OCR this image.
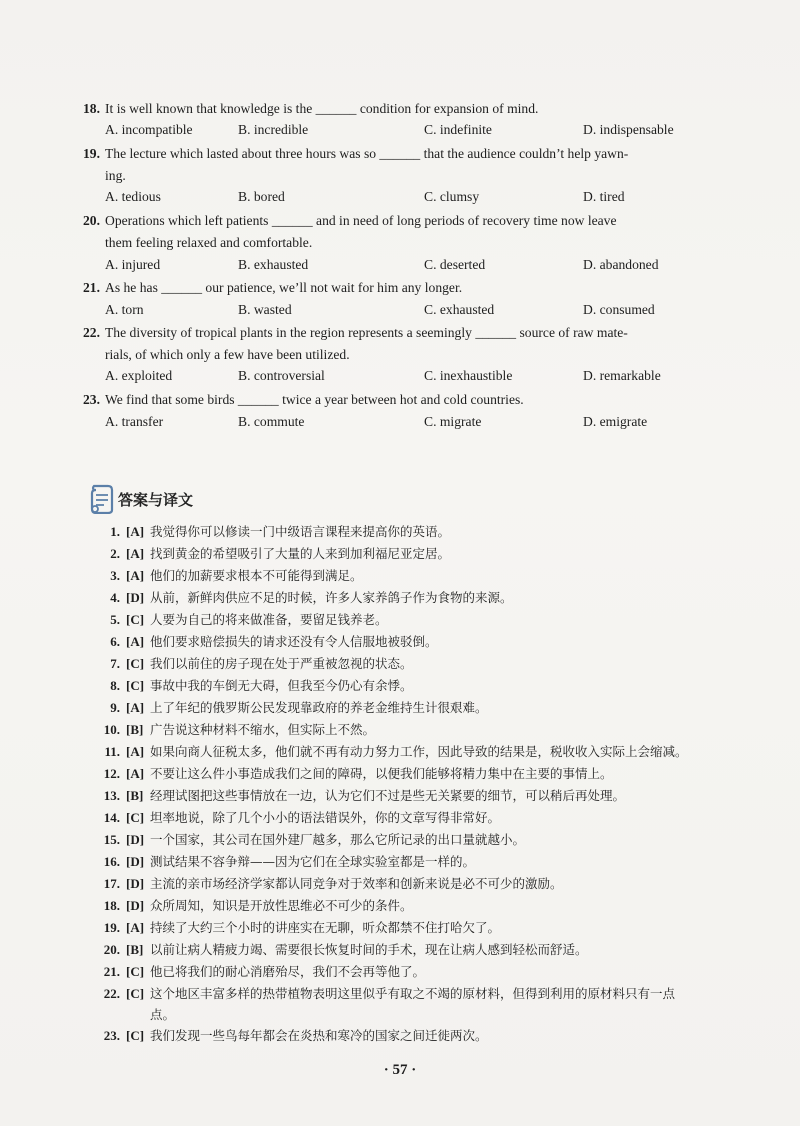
18. It is well known that knowledge is the ______ condition for expansion of mind.
A. incompatible	B. incredible	C. indefinite	D. indispensable
19. The lecture which lasted about three hours was so ______ that the audience couldn’t help yawn-
ing.
A. tedious	B. bored	C. clumsy	D. tired
20. Operations which left patients ______ and in need of long periods of recovery time now leave
them feeling relaxed and comfortable.
A. injured	B. exhausted	C. deserted	D. abandoned
21. As he has ______ our patience, we’ll not wait for him any longer.
A. torn	B. wasted	C. exhausted	D. consumed
22. The diversity of tropical plants in the region represents a seemingly ______ source of raw mate-
rials, of which only a few have been utilized.
A. exploited	B. controversial	C. inexhaustible	D. remarkable
23. We find that some birds ______ twice a year between hot and cold countries.
A. transfer	B. commute	C. migrate	D. emigrate
答案与译文
1. [A] 我觉得你可以修读一门中级语言课程来提高你的英语。
2. [A] 找到黄金的希望吸引了大量的人来到加利福尼亚定居。
3. [A] 他们的加薪要求根本不可能得到满足。
4. [D] 从前，新鲜肉供应不足的时候，许多人家养鸽子作为食物的来源。
5. [C] 人要为自己的将来做准备，要留足钱养老。
6. [A] 他们要求赔偿损失的请求还没有令人信服地被驳倒。
7. [C] 我们以前住的房子现在处于严重被忽视的状态。
8. [C] 事故中我的车倒无大碍，但我至今仍心有余悸。
9. [A] 上了年纪的俄罗斯公民发现靠政府的养老金维持生计很艰难。
10. [B] 广告说这种材料不缩水，但实际上不然。
11. [A] 如果向商人征税太多，他们就不再有动力努力工作，因此导致的结果是，税收收入实际上会缩减。
12. [A] 不要让这么件小事造成我们之间的障碍，以便我们能够将精力集中在主要的事情上。
13. [B] 经理试图把这些事情放在一边，认为它们不过是些无关紧要的细节，可以稍后再处理。
14. [C] 坦率地说，除了几个小小的语法错误外，你的文章写得非常好。
15. [D] 一个国家，其公司在国外建厂越多，那么它所记录的出口量就越小。
16. [D] 测试结果不容争辩——因为它们在全球实验室都是一样的。
17. [D] 主流的亲市场经济学家都认同竞争对于效率和创新来说是必不可少的激励。
18. [D] 众所周知，知识是开放性思维必不可少的条件。
19. [A] 持续了大约三个小时的讲座实在无聊，听众都禁不住打哈欠了。
20. [B] 以前让病人精疲力竭、需要很长恢复时间的手术，现在让病人感到轻松而舒适。
21. [C] 他已将我们的耐心消磨殆尽，我们不会再等他了。
22. [C] 这个地区丰富多样的热带植物表明这里似乎有取之不竭的原材料，但得到利用的原材料只有一点点。
23. [C] 我们发现一些鸟每年都会在炎热和寒冷的国家之间迁徙两次。
· 57 ·
